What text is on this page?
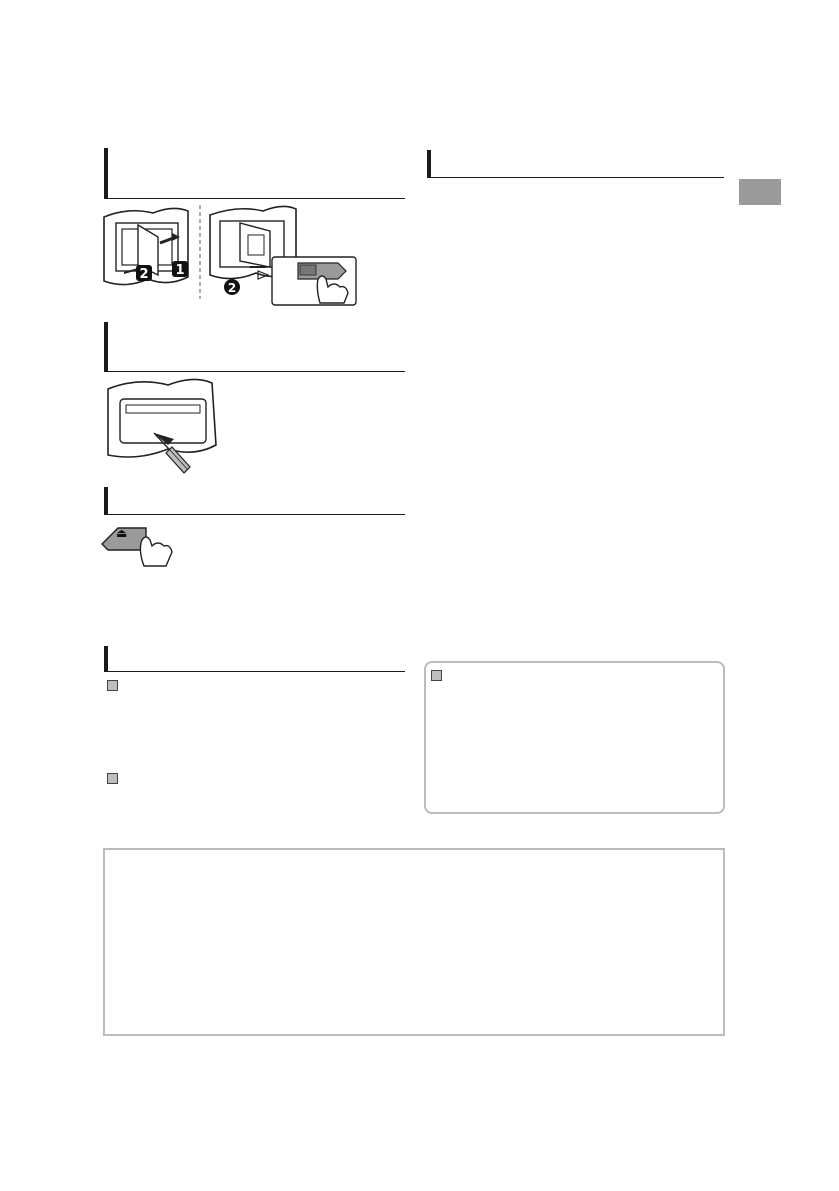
2 1
2
⏏
